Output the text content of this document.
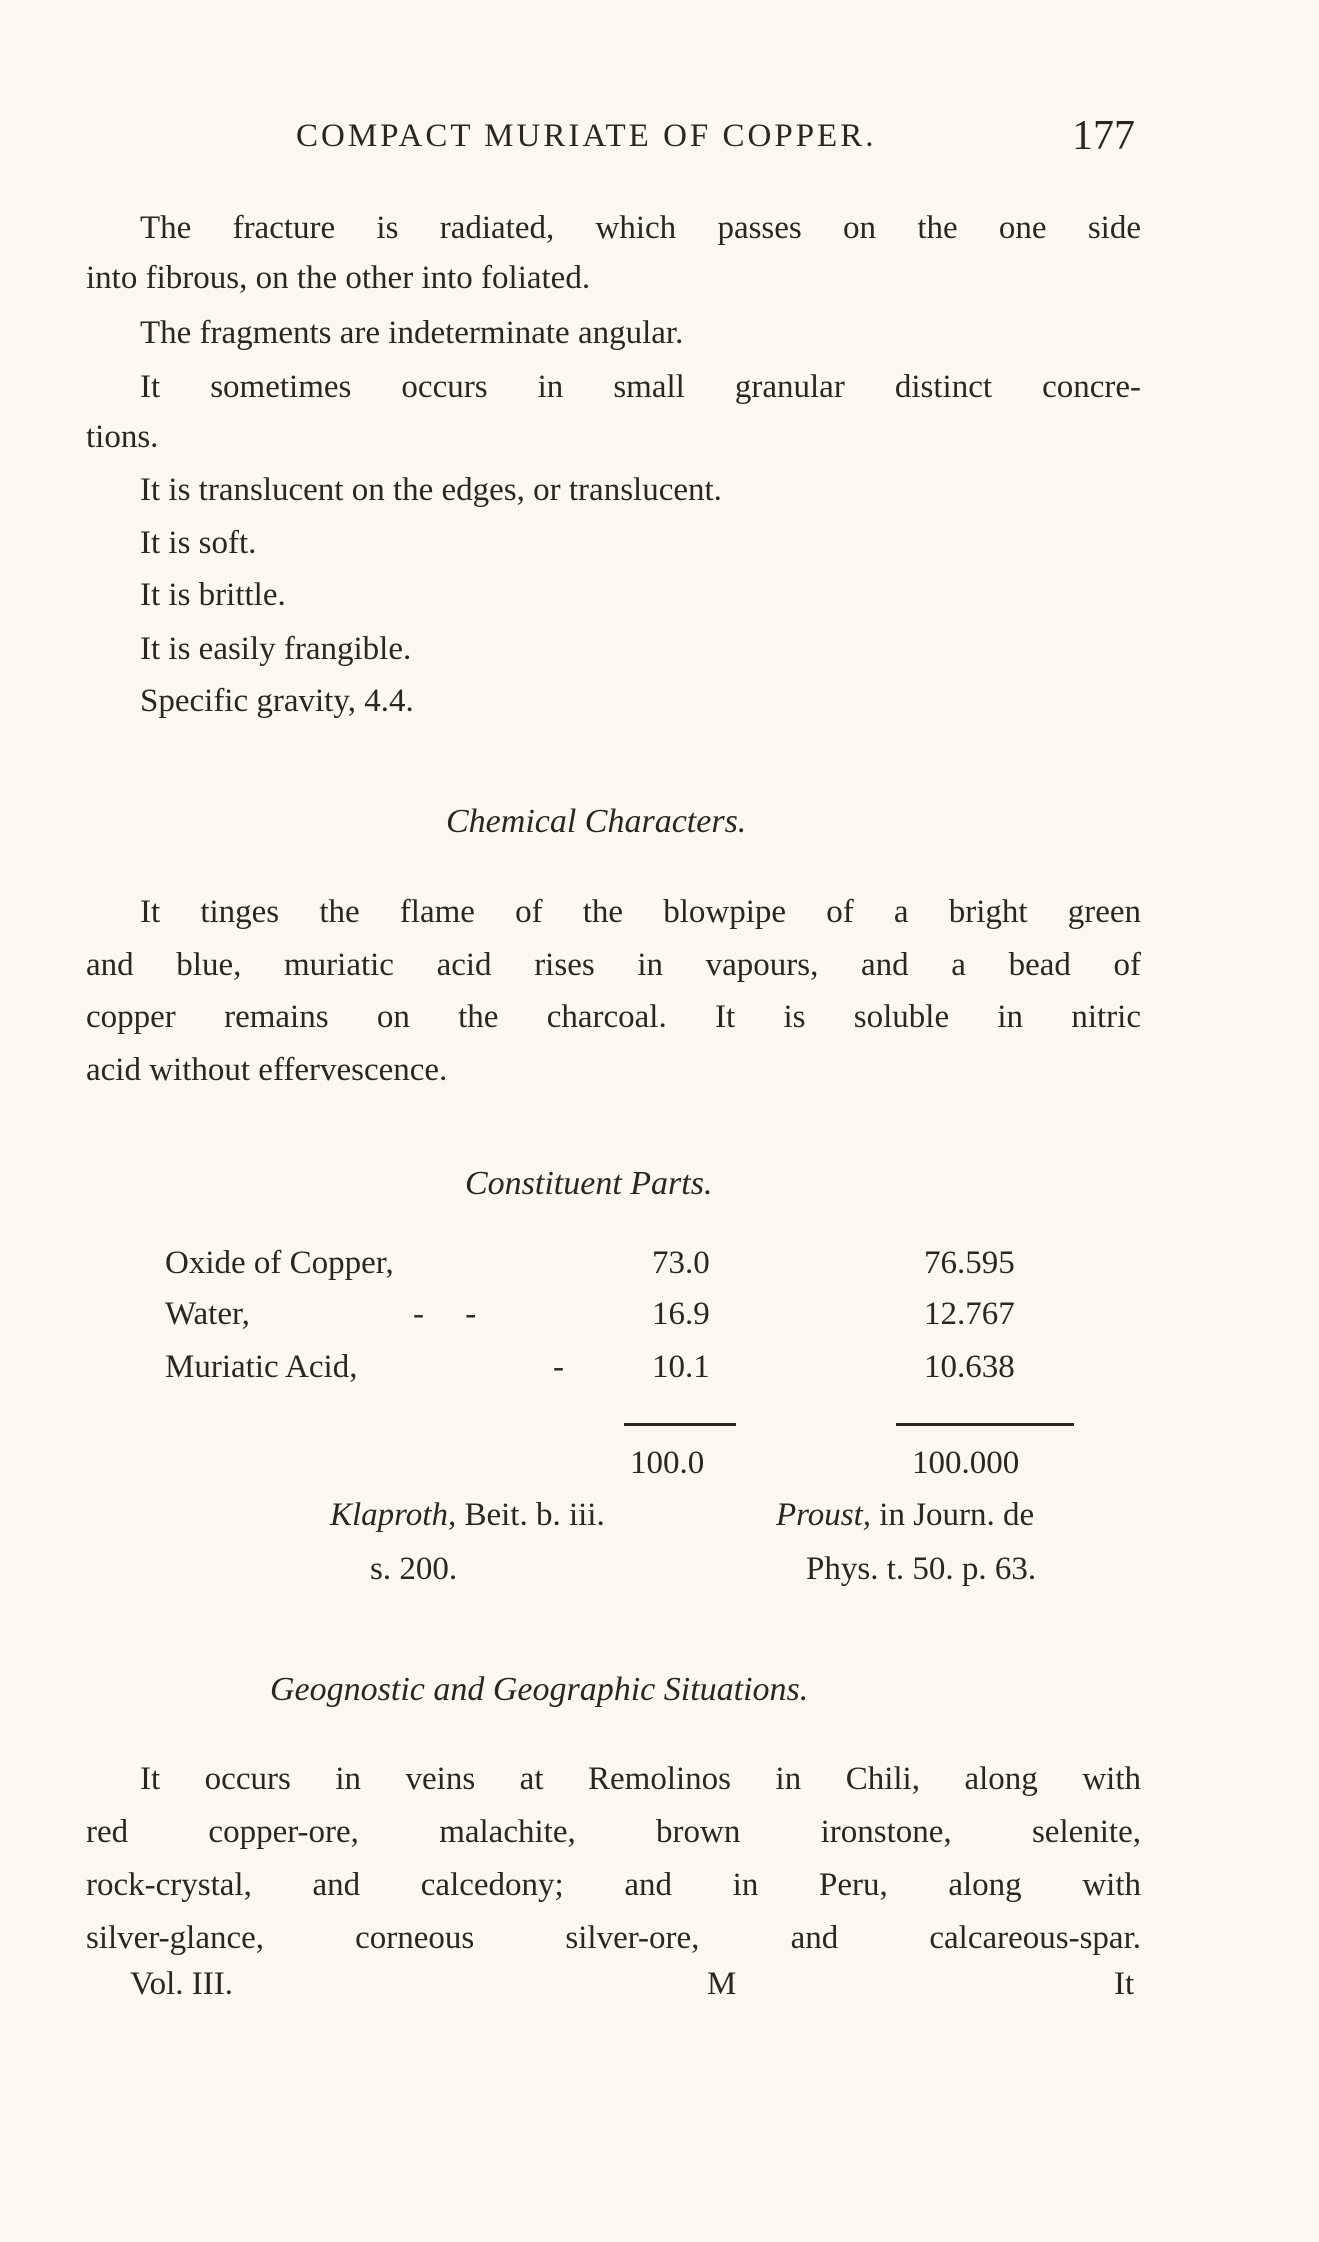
COMPACT MURIATE OF COPPER.	177
The fracture is radiated, which passes on the one side
into fibrous, on the other into foliated.
The fragments are indeterminate angular.
It sometimes occurs in small granular distinct concre-
tions.
It is translucent on the edges, or translucent.
It is soft.
It is brittle.
It is easily frangible.
Specific gravity, 4.4.
Chemical Characters.
It tinges the flame of the blowpipe of a bright green
and blue, muriatic acid rises in vapours, and a bead of
copper remains on the charcoal. It is soluble in nitric
acid without effervescence.
Constituent Parts.
Oxide of Copper,	73.0	76.595
Water,	-     -	16.9	12.767
Muriatic Acid,	-	10.1	10.638
100.0	100.000
Klaproth, Beit. b. iii.
s. 200.
Proust, in Journ. de
Phys. t. 50. p. 63.
Geognostic and Geographic Situations.
It occurs in veins at Remolinos in Chili, along with
red copper-ore, malachite, brown ironstone, selenite,
rock-crystal, and calcedony; and in Peru, along with
silver-glance, corneous silver-ore, and calcareous-spar.
Vol. III.	M	It
